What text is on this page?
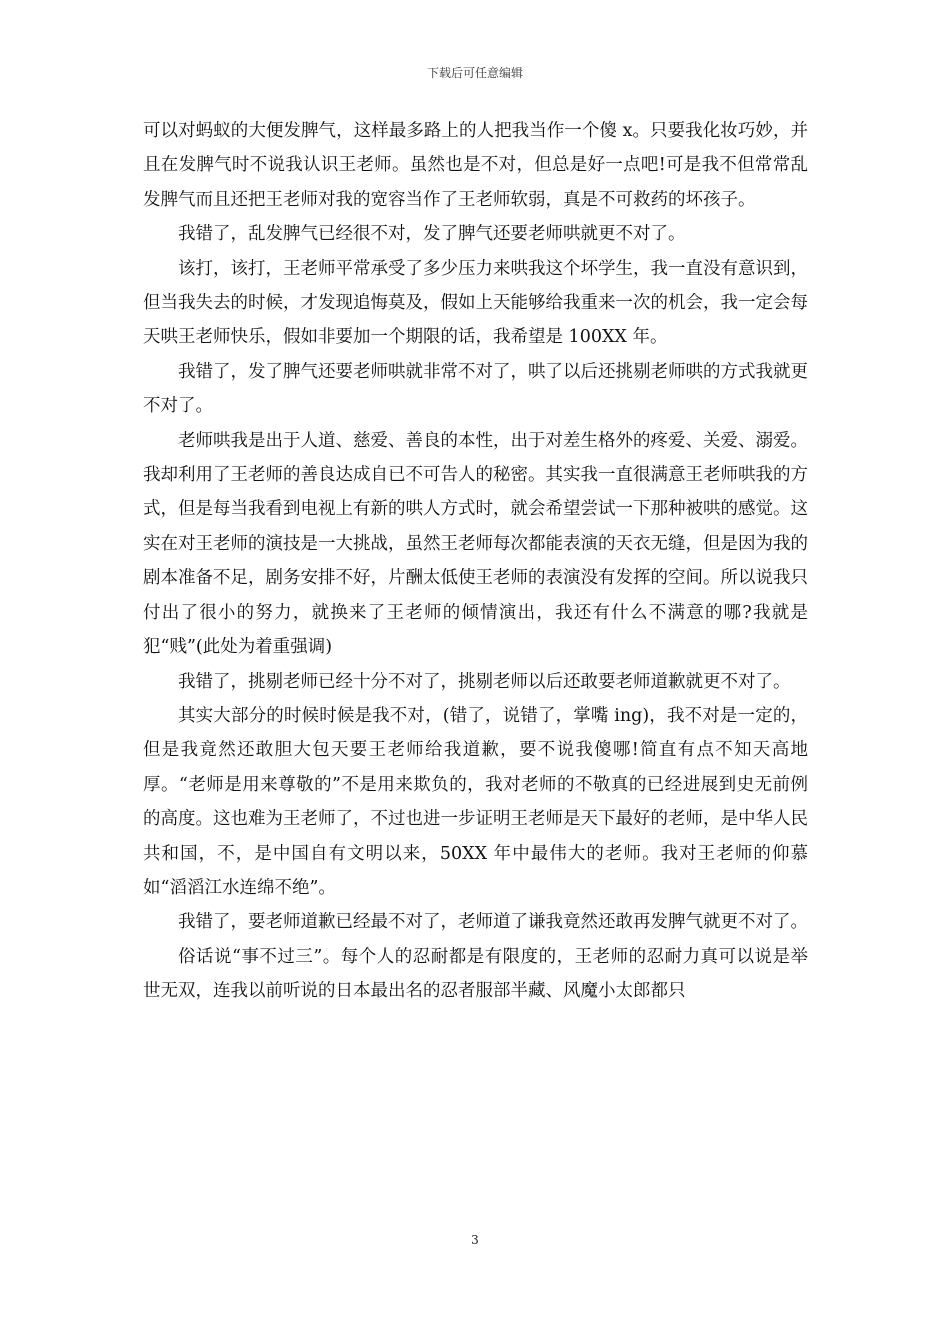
下载后可任意编辑

可以对蚂蚁的大便发脾气，这样最多路上的人把我当作一个傻 x。只要我化妆巧妙，并且在发脾气时不说我认识王老师。虽然也是不对，但总是好一点吧!可是我不但常常乱发脾气而且还把王老师对我的宽容当作了王老师软弱，真是不可救药的坏孩子。

我错了，乱发脾气已经很不对，发了脾气还要老师哄就更不对了。

该打，该打，王老师平常承受了多少压力来哄我这个坏学生，我一直没有意识到，但当我失去的时候，才发现追悔莫及，假如上天能够给我重来一次的机会，我一定会每天哄王老师快乐，假如非要加一个期限的话，我希望是 100XX 年。

我错了，发了脾气还要老师哄就非常不对了，哄了以后还挑剔老师哄的方式我就更不对了。

老师哄我是出于人道、慈爱、善良的本性，出于对差生格外的疼爱、关爱、溺爱。我却利用了王老师的善良达成自已不可告人的秘密。其实我一直很满意王老师哄我的方式，但是每当我看到电视上有新的哄人方式时，就会希望尝试一下那种被哄的感觉。这实在对王老师的演技是一大挑战，虽然王老师每次都能表演的天衣无缝，但是因为我的剧本准备不足，剧务安排不好，片酬太低使王老师的表演没有发挥的空间。所以说我只付出了很小的努力，就换来了王老师的倾情演出，我还有什么不满意的哪?我就是犯“贱”(此处为着重强调)

我错了，挑剔老师已经十分不对了，挑剔老师以后还敢要老师道歉就更不对了。

其实大部分的时候时候是我不对，(错了，说错了，掌嘴 ing)，我不对是一定的，但是我竟然还敢胆大包天要王老师给我道歉，要不说我傻哪!简直有点不知天高地厚。“老师是用来尊敬的”不是用来欺负的，我对老师的不敬真的已经进展到史无前例的高度。这也难为王老师了，不过也进一步证明王老师是天下最好的老师，是中华人民共和国，不，是中国自有文明以来，50XX 年中最伟大的老师。我对王老师的仰慕如“滔滔江水连绵不绝”。

我错了，要老师道歉已经最不对了，老师道了谦我竟然还敢再发脾气就更不对了。

俗话说“事不过三”。每个人的忍耐都是有限度的，王老师的忍耐力真可以说是举世无双，连我以前听说的日本最出名的忍者服部半藏、风魔小太郎都只

3
